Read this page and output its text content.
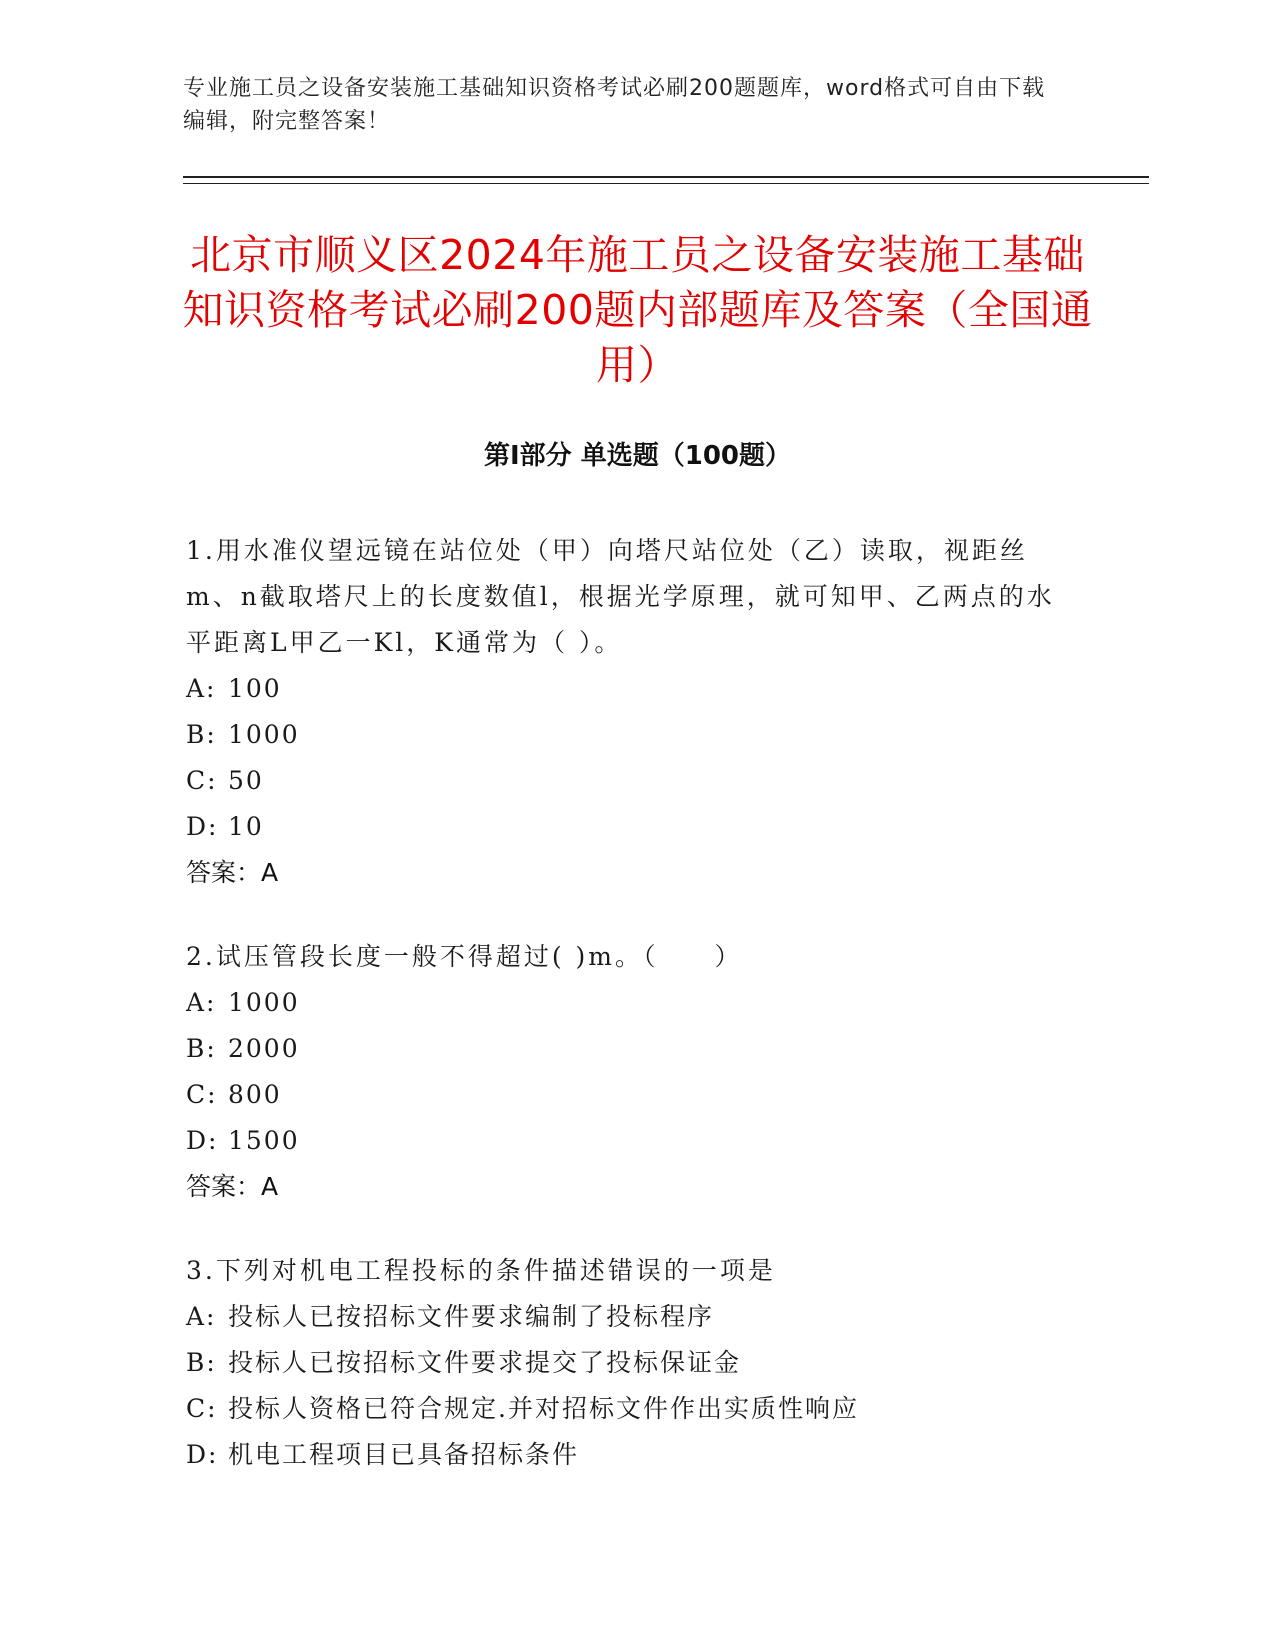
专业施工员之设备安装施工基础知识资格考试必刷200题题库，word格式可自由下载编辑，附完整答案！
北京市顺义区2024年施工员之设备安装施工基础知识资格考试必刷200题内部题库及答案（全国通用）
第Ⅰ部分 单选题（100题）
1.用水准仪望远镜在站位处（甲）向塔尺站位处（乙）读取，视距丝m、n截取塔尺上的长度数值l，根据光学原理，就可知甲、乙两点的水平距离L甲乙一Kl，K通常为（ ）。
A: 100
B: 1000
C: 50
D: 10
答案：A
2.试压管段长度一般不得超过( )m。（　　）
A: 1000
B: 2000
C: 800
D: 1500
答案：A
3.下列对机电工程投标的条件描述错误的一项是
A: 投标人已按招标文件要求编制了投标程序
B: 投标人已按招标文件要求提交了投标保证金
C: 投标人资格已符合规定.并对招标文件作出实质性响应
D: 机电工程项目已具备招标条件
